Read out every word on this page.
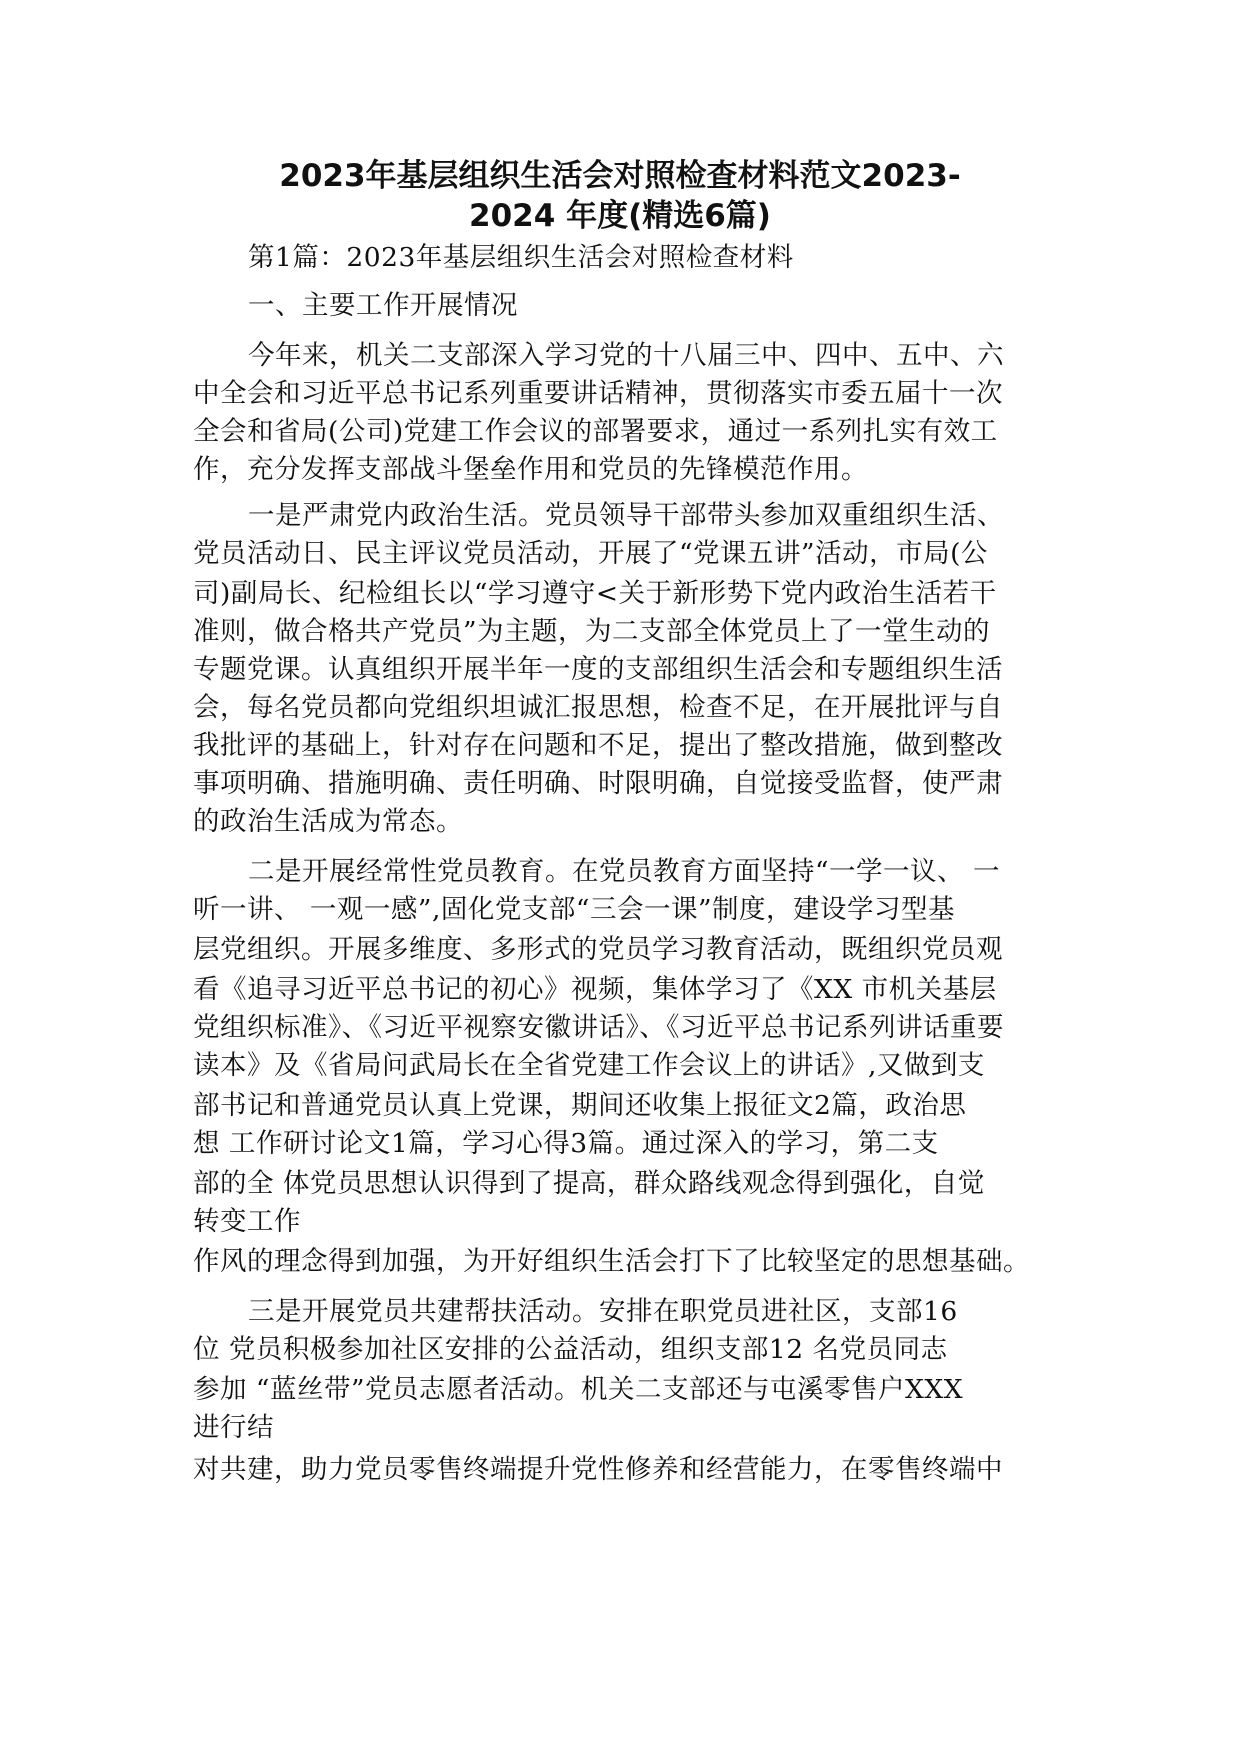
2023年基层组织生活会对照检查材料范文2023-
2024 年度(精选6篇)
第1篇：2023年基层组织生活会对照检查材料
一、主要工作开展情况
今年来，机关二支部深入学习党的十八届三中、四中、五中、六
中全会和习近平总书记系列重要讲话精神，贯彻落实市委五届十一次
全会和省局(公司)党建工作会议的部署要求，通过一系列扎实有效工
作，充分发挥支部战斗堡垒作用和党员的先锋模范作用。
一是严肃党内政治生活。党员领导干部带头参加双重组织生活、
党员活动日、民主评议党员活动，开展了“党课五讲”活动，市局(公
司)副局长、纪检组长以“学习遵守<关于新形势下党内政治生活若干
准则，做合格共产党员”为主题，为二支部全体党员上了一堂生动的
专题党课。认真组织开展半年一度的支部组织生活会和专题组织生活
会，每名党员都向党组织坦诚汇报思想，检查不足，在开展批评与自
我批评的基础上，针对存在问题和不足，提出了整改措施，做到整改
事项明确、措施明确、责任明确、时限明确，自觉接受监督，使严肃
的政治生活成为常态。
二是开展经常性党员教育。在党员教育方面坚持“一学一议、 一
听一讲、 一观一感”,固化党支部“三会一课”制度，建设学习型基
层党组织。开展多维度、多形式的党员学习教育活动，既组织党员观
看《追寻习近平总书记的初心》视频，集体学习了《XX 市机关基层
党组织标准》、《习近平视察安徽讲话》、《习近平总书记系列讲话重要
读本》及《省局问武局长在全省党建工作会议上的讲话》,又做到支
部书记和普通党员认真上党课，期间还收集上报征文2篇，政治思
想 工作研讨论文1篇，学习心得3篇。通过深入的学习，第二支
部的全 体党员思想认识得到了提高，群众路线观念得到强化，自觉
转变工作
作风的理念得到加强，为开好组织生活会打下了比较坚定的思想基础。
三是开展党员共建帮扶活动。安排在职党员进社区，支部16
位 党员积极参加社区安排的公益活动，组织支部12 名党员同志
参加 “蓝丝带”党员志愿者活动。机关二支部还与屯溪零售户XXX
进行结
对共建，助力党员零售终端提升党性修养和经营能力，在零售终端中
